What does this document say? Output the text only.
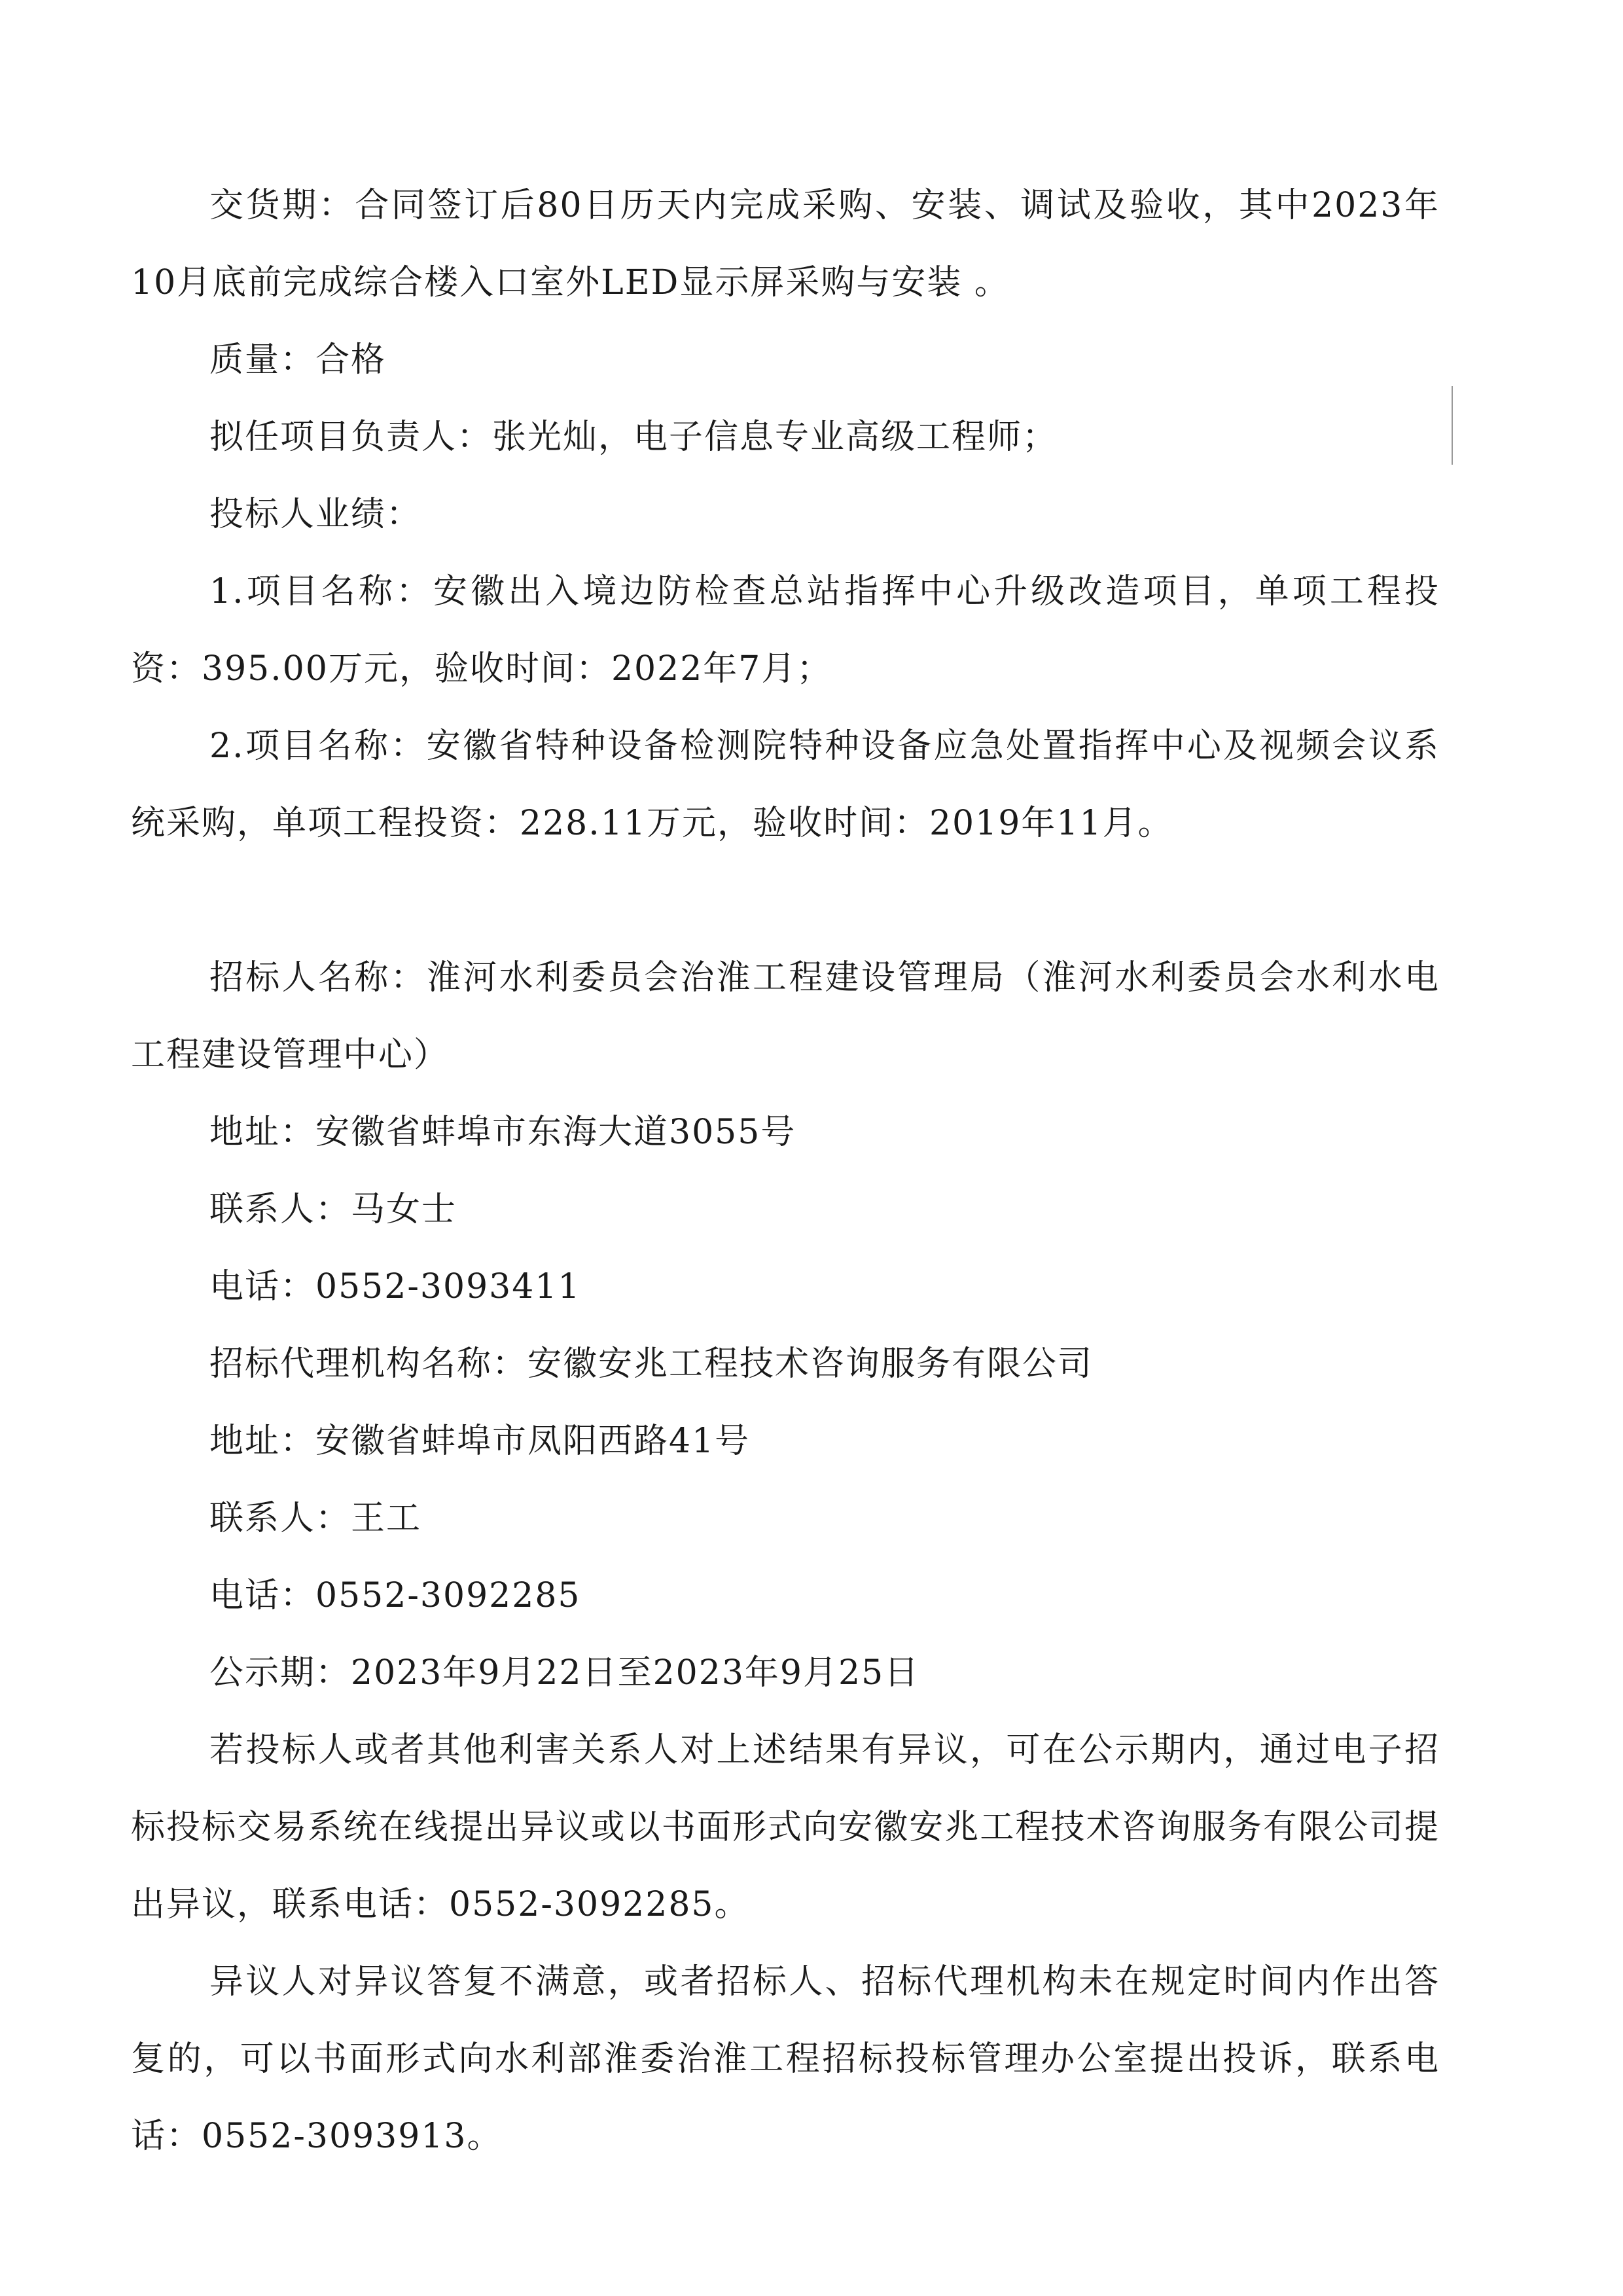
交货期：合同签订后80日历天内完成采购、安装、调试及验收，其中2023年10月底前完成综合楼入口室外LED显示屏采购与安装 。

质量：合格

拟任项目负责人：张光灿，电子信息专业高级工程师；

投标人业绩：

1.项目名称：安徽出入境边防检查总站指挥中心升级改造项目，单项工程投资：395.00万元，验收时间：2022年7月；

2.项目名称：安徽省特种设备检测院特种设备应急处置指挥中心及视频会议系统采购，单项工程投资：228.11万元，验收时间：2019年11月。

招标人名称：淮河水利委员会治淮工程建设管理局（淮河水利委员会水利水电工程建设管理中心）

地址：安徽省蚌埠市东海大道3055号

联系人：马女士

电话：0552-3093411

招标代理机构名称：安徽安兆工程技术咨询服务有限公司

地址：安徽省蚌埠市凤阳西路41号

联系人：王工

电话：0552-3092285

公示期：2023年9月22日至2023年9月25日

若投标人或者其他利害关系人对上述结果有异议，可在公示期内，通过电子招标投标交易系统在线提出异议或以书面形式向安徽安兆工程技术咨询服务有限公司提出异议，联系电话：0552-3092285。

异议人对异议答复不满意，或者招标人、招标代理机构未在规定时间内作出答复的，可以书面形式向水利部淮委治淮工程招标投标管理办公室提出投诉，联系电话：0552-3093913。
